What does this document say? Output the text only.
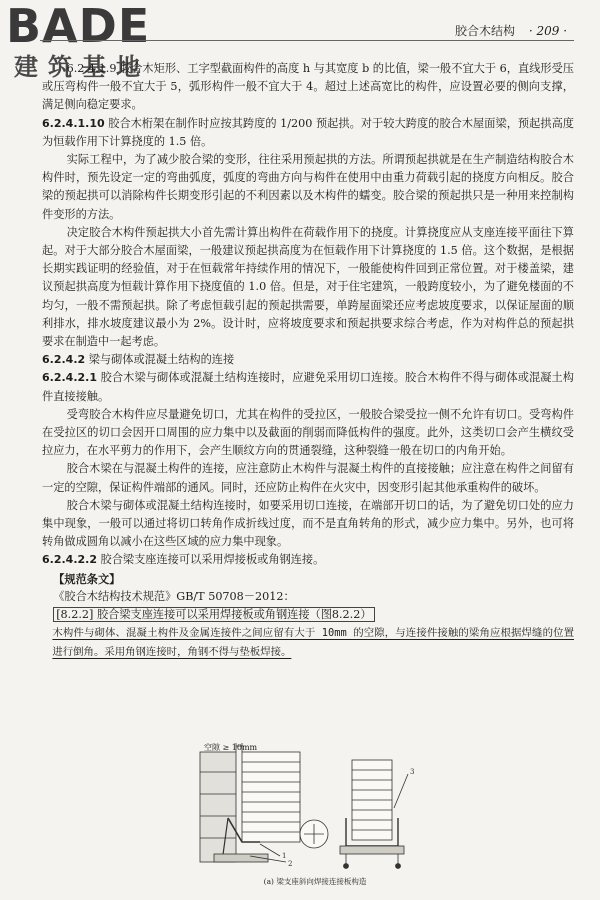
BADE
建筑基地
胶合木结构 · 209 ·

6.2.4.1.9 胶合木矩形、工字型截面构件的高度 h 与其宽度 b 的比值，梁一般不宜大于 6，直线形受压或压弯构件一般不宜大于 5，弧形构件一般不宜大于 4。超过上述高宽比的构件，应设置必要的侧向支撑，满足侧向稳定要求。

6.2.4.1.10 胶合木桁架在制作时应按其跨度的 1/200 预起拱。对于较大跨度的胶合木屋面梁，预起拱高度为恒载作用下计算挠度的 1.5 倍。

实际工程中，为了减少胶合梁的变形，往往采用预起拱的方法。所谓预起拱就是在生产制造结构胶合木构件时，预先设定一定的弯曲弧度，弧度的弯曲方向与构件在使用中由重力荷载引起的挠度方向相反。胶合梁的预起拱可以消除构件长期变形引起的不利因素以及木构件的蠕变。胶合梁的预起拱只是一种用来控制构件变形的方法。

决定胶合木构件预起拱大小首先需计算出构件在荷载作用下的挠度。计算挠度应从支座连接平面往下算起。对于大部分胶合木屋面梁，一般建议预起拱高度为在恒载作用下计算挠度的 1.5 倍。这个数据，是根据长期实践证明的经验值，对于在恒载常年持续作用的情况下，一般能使构件回到正常位置。对于楼盖梁，建议预起拱高度为恒载计算作用下挠度值的 1.0 倍。但是，对于住宅建筑，一般跨度较小，为了避免楼面的不均匀，一般不需预起拱。除了考虑恒载引起的预起拱需要，单跨屋面梁还应考虑坡度要求，以保证屋面的顺利排水，排水坡度建议最小为 2%。设计时，应将坡度要求和预起拱要求综合考虑，作为对构件总的预起拱要求在制造中一起考虑。

6.2.4.2 梁与砌体或混凝土结构的连接

6.2.4.2.1 胶合木梁与砌体或混凝土结构连接时，应避免采用切口连接。胶合木构件不得与砌体或混凝土构件直接接触。

受弯胶合木构件应尽量避免切口，尤其在构件的受拉区，一般胶合梁受拉一侧不允许有切口。受弯构件在受拉区的切口会因开口周围的应力集中以及截面的削弱而降低构件的强度。此外，这类切口会产生横纹受拉应力，在水平剪力的作用下，会产生顺纹方向的贯通裂缝，这种裂缝一般在切口的内角开始。

胶合木梁在与混凝土构件的连接，应注意防止木构件与混凝土构件的直接接触；应注意在构件之间留有一定的空隙，保证构件端部的通风。同时，还应防止构件在火灾中，因变形引起其他承重构件的破坏。

胶合木梁与砌体或混凝土结构连接时，如要采用切口连接，在端部开切口的话，为了避免切口处的应力集中现象，一般可以通过将切口转角作成折线过度，而不是直角转角的形式，减少应力集中。另外，也可将转角做成圆角以减小在这些区域的应力集中现象。

6.2.4.2.2 胶合梁支座连接可以采用焊接板或角钢连接。

【规范条文】

《胶合木结构技术规范》GB/T 50708－2012：

[8.2.2] 胶合梁支座连接可以采用焊接板或角钢连接（图8.2.2）

木构件与砌体、混凝土构件及金属连接件之间应留有大于 10mm 的空隙，与连接件接触的梁角应根据焊缝的位置进行倒角。采用角钢连接时，角钢不得与垫板焊接。

3
1
2
空隙 ≥ 10mm
(a) 梁支座斜向焊接连接板构造
